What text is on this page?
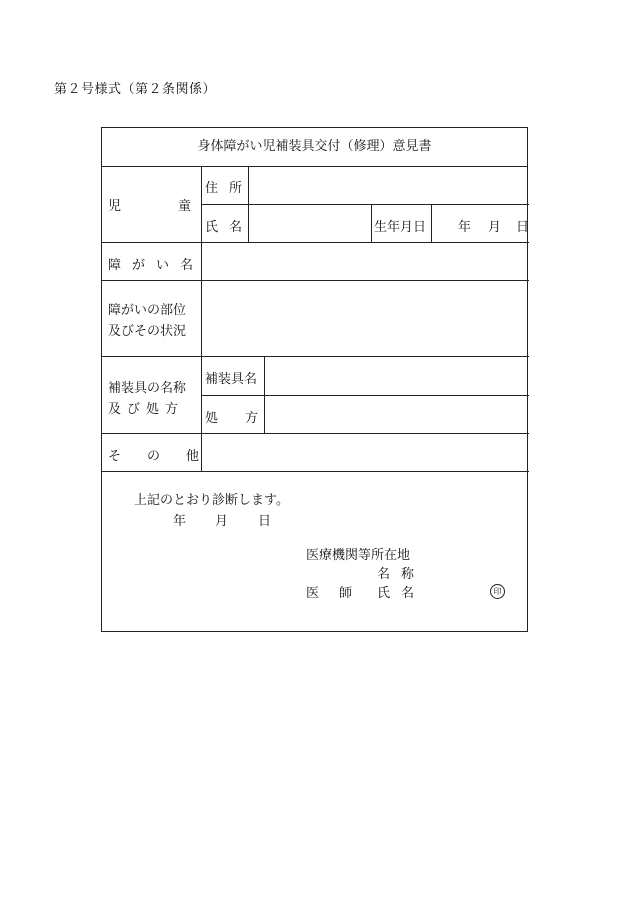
第２号様式（第２条関係）
身体障がい児補装具交付（修理）意見書
児童
住所
氏名	生年月日 年 月 日
障がい名
障がいの部位
及びその状況
補装具の名称
及び処方
補装具名
処方
その他
上記のとおり診断します。
年 月 日
医療機関等所在地
名称
医師 氏名	印
